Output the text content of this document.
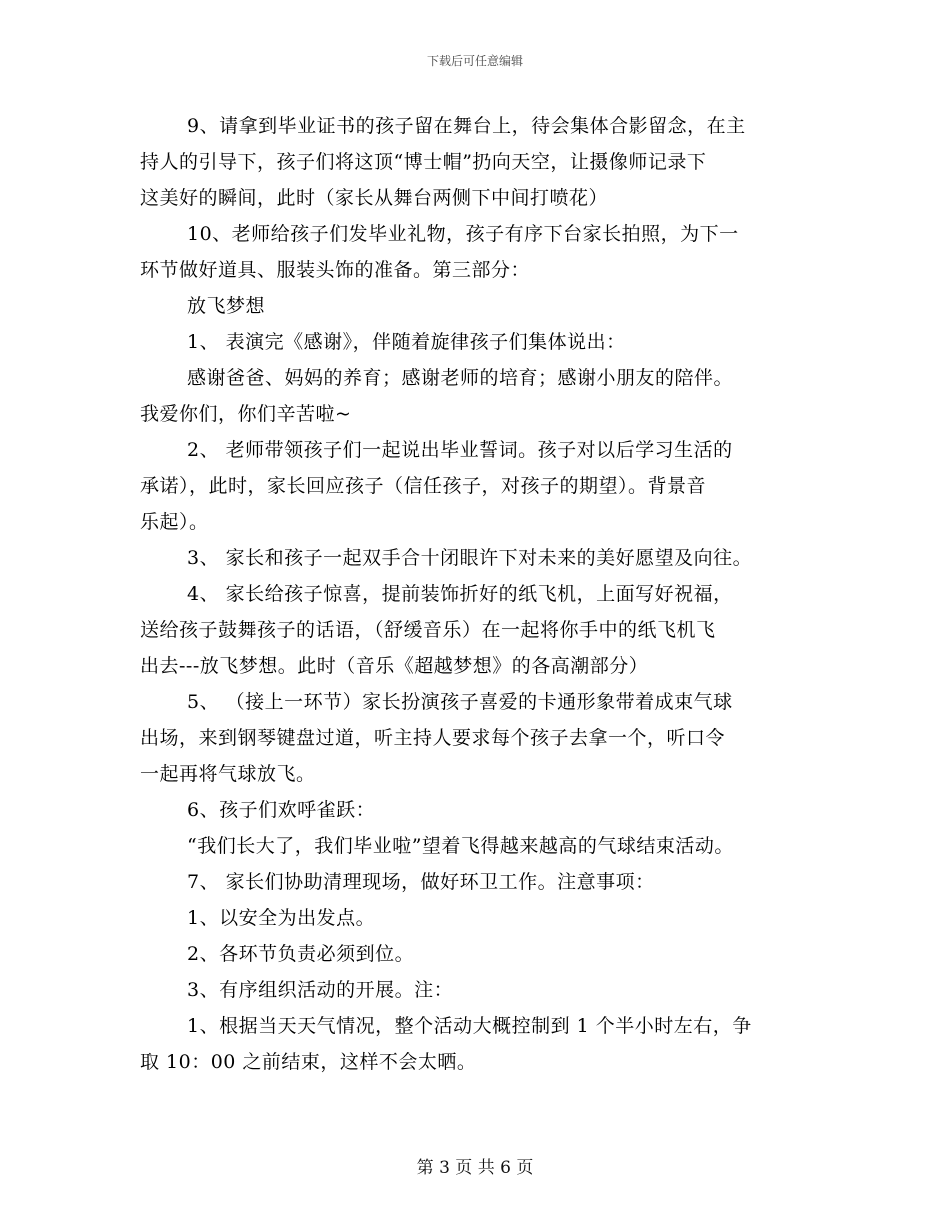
下载后可任意编辑

9、请拿到毕业证书的孩子留在舞台上，待会集体合影留念，在主

持人的引导下，孩子们将这顶“博士帽”扔向天空，让摄像师记录下

这美好的瞬间，此时（家长从舞台两侧下中间打喷花）

10、老师给孩子们发毕业礼物，孩子有序下台家长拍照，为下一

环节做好道具、服装头饰的准备。第三部分：

放飞梦想

1、 表演完《感谢》，伴随着旋律孩子们集体说出：

感谢爸爸、妈妈的养育；感谢老师的培育；感谢小朋友的陪伴。

我爱你们，你们辛苦啦~

2、 老师带领孩子们一起说出毕业誓词。孩子对以后学习生活的

承诺），此时，家长回应孩子（信任孩子，对孩子的期望）。背景音

乐起）。

3、 家长和孩子一起双手合十闭眼许下对未来的美好愿望及向往。

4、 家长给孩子惊喜，提前装饰折好的纸飞机，上面写好祝福，

送给孩子鼓舞孩子的话语，（舒缓音乐）在一起将你手中的纸飞机飞

出去---放飞梦想。此时（音乐《超越梦想》的各高潮部分）

5、 （接上一环节）家长扮演孩子喜爱的卡通形象带着成束气球

出场，来到钢琴键盘过道，听主持人要求每个孩子去拿一个，听口令

一起再将气球放飞。

6、孩子们欢呼雀跃：

“我们长大了，我们毕业啦”望着飞得越来越高的气球结束活动。

7、 家长们协助清理现场，做好环卫工作。注意事项：

1、以安全为出发点。

2、各环节负责必须到位。

3、有序组织活动的开展。注：

1、根据当天天气情况，整个活动大概控制到 1 个半小时左右，争

取 10：00 之前结束，这样不会太晒。

第 3 页 共 6 页
